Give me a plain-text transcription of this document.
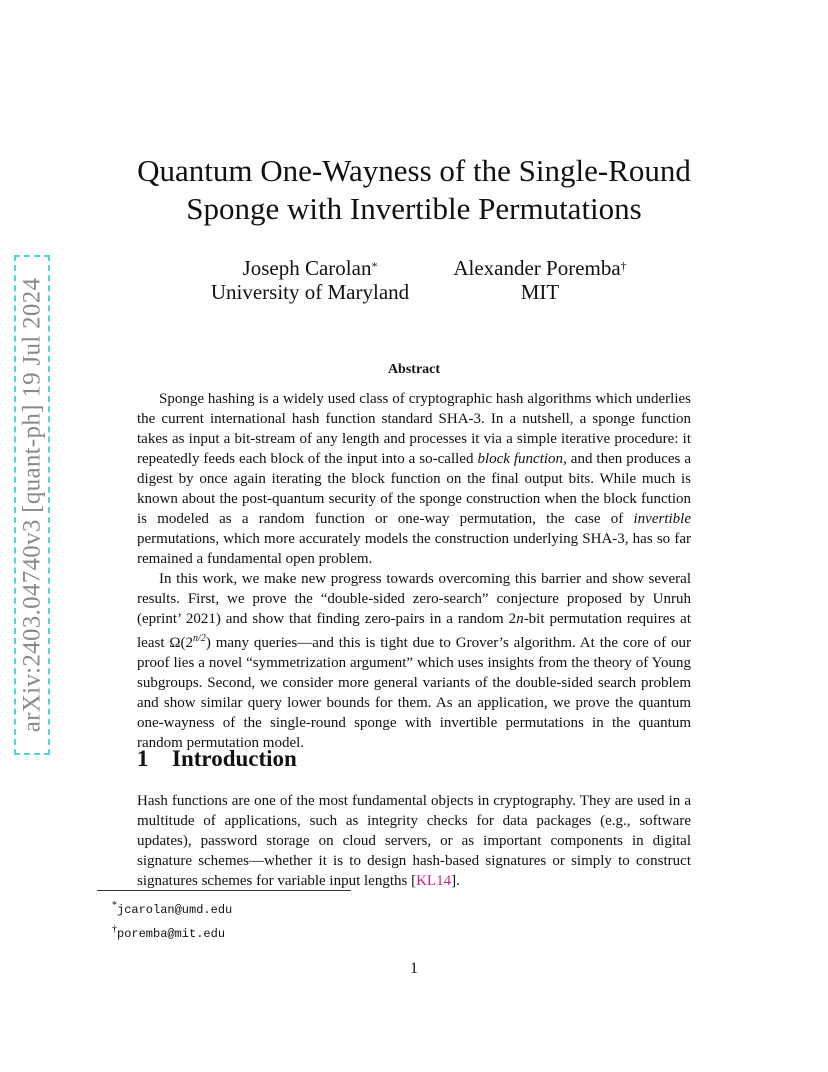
arXiv:2403.04740v3 [quant-ph] 19 Jul 2024
Quantum One-Wayness of the Single-Round
Sponge with Invertible Permutations
Joseph Carolan*
University of Maryland
Alexander Poremba†
MIT
Abstract

Sponge hashing is a widely used class of cryptographic hash algorithms which underlies the current international hash function standard SHA-3. In a nutshell, a sponge function takes as input a bit-stream of any length and processes it via a simple iterative procedure: it repeatedly feeds each block of the input into a so-called block function, and then produces a digest by once again iterating the block function on the final output bits. While much is known about the post-quantum security of the sponge construction when the block function is modeled as a random function or one-way permutation, the case of invertible permutations, which more accurately models the construction underlying SHA-3, has so far remained a fundamental open problem.

In this work, we make new progress towards overcoming this barrier and show several results. First, we prove the “double-sided zero-search” conjecture proposed by Unruh (eprint’ 2021) and show that finding zero-pairs in a random 2n-bit permutation requires at least $\Omega(2^{n/2})$ many queries—and this is tight due to Grover’s algorithm. At the core of our proof lies a novel “symmetrization argument” which uses insights from the theory of Young subgroups. Second, we consider more general variants of the double-sided search problem and show similar query lower bounds for them. As an application, we prove the quantum one-wayness of the single-round sponge with invertible permutations in the quantum random permutation model.

1 Introduction

Hash functions are one of the most fundamental objects in cryptography. They are used in a multitude of applications, such as integrity checks for data packages (e.g., software updates), password storage on cloud servers, or as important components in digital signature schemes—whether it is to design hash-based signatures or simply to construct signatures schemes for variable input lengths [KL14].

*jcarolan@umd.edu
†poremba@mit.edu
1
